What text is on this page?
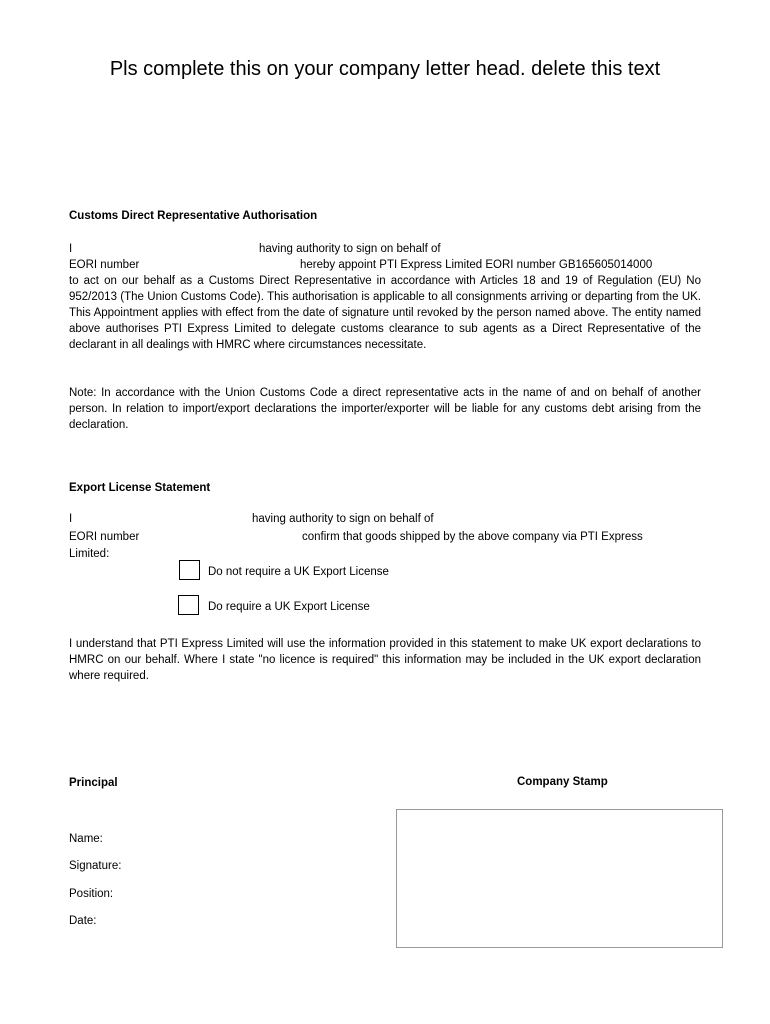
Pls complete this on your company letter head. delete this text
Customs Direct Representative Authorisation
I	having authority to sign on behalf of
EORI number	hereby appoint PTI Express Limited EORI number GB165605014000
to act on our behalf as a Customs Direct Representative in accordance with Articles 18 and 19 of Regulation (EU) No 952/2013 (The Union Customs Code). This authorisation is applicable to all consignments arriving or departing from the UK. This Appointment applies with effect from the date of signature until revoked by the person named above. The entity named above authorises PTI Express Limited to delegate customs clearance to sub agents as a Direct Representative of the declarant in all dealings with HMRC where circumstances necessitate.
Note: In accordance with the Union Customs Code a direct representative acts in the name of and on behalf of another person. In relation to import/export declarations the importer/exporter will be liable for any customs debt arising from the declaration.
Export License Statement
I	having authority to sign on behalf of
EORI number	confirm that goods shipped by the above company via PTI Express
Limited:
Do not require a UK Export License
Do require a UK Export License
I understand that PTI Express Limited will use the information provided in this statement to make UK export declarations to HMRC on our behalf. Where I state "no licence is required" this information may be included in the UK export declaration where required.
Principal	Company Stamp
Name:
Signature:
Position:
Date:
